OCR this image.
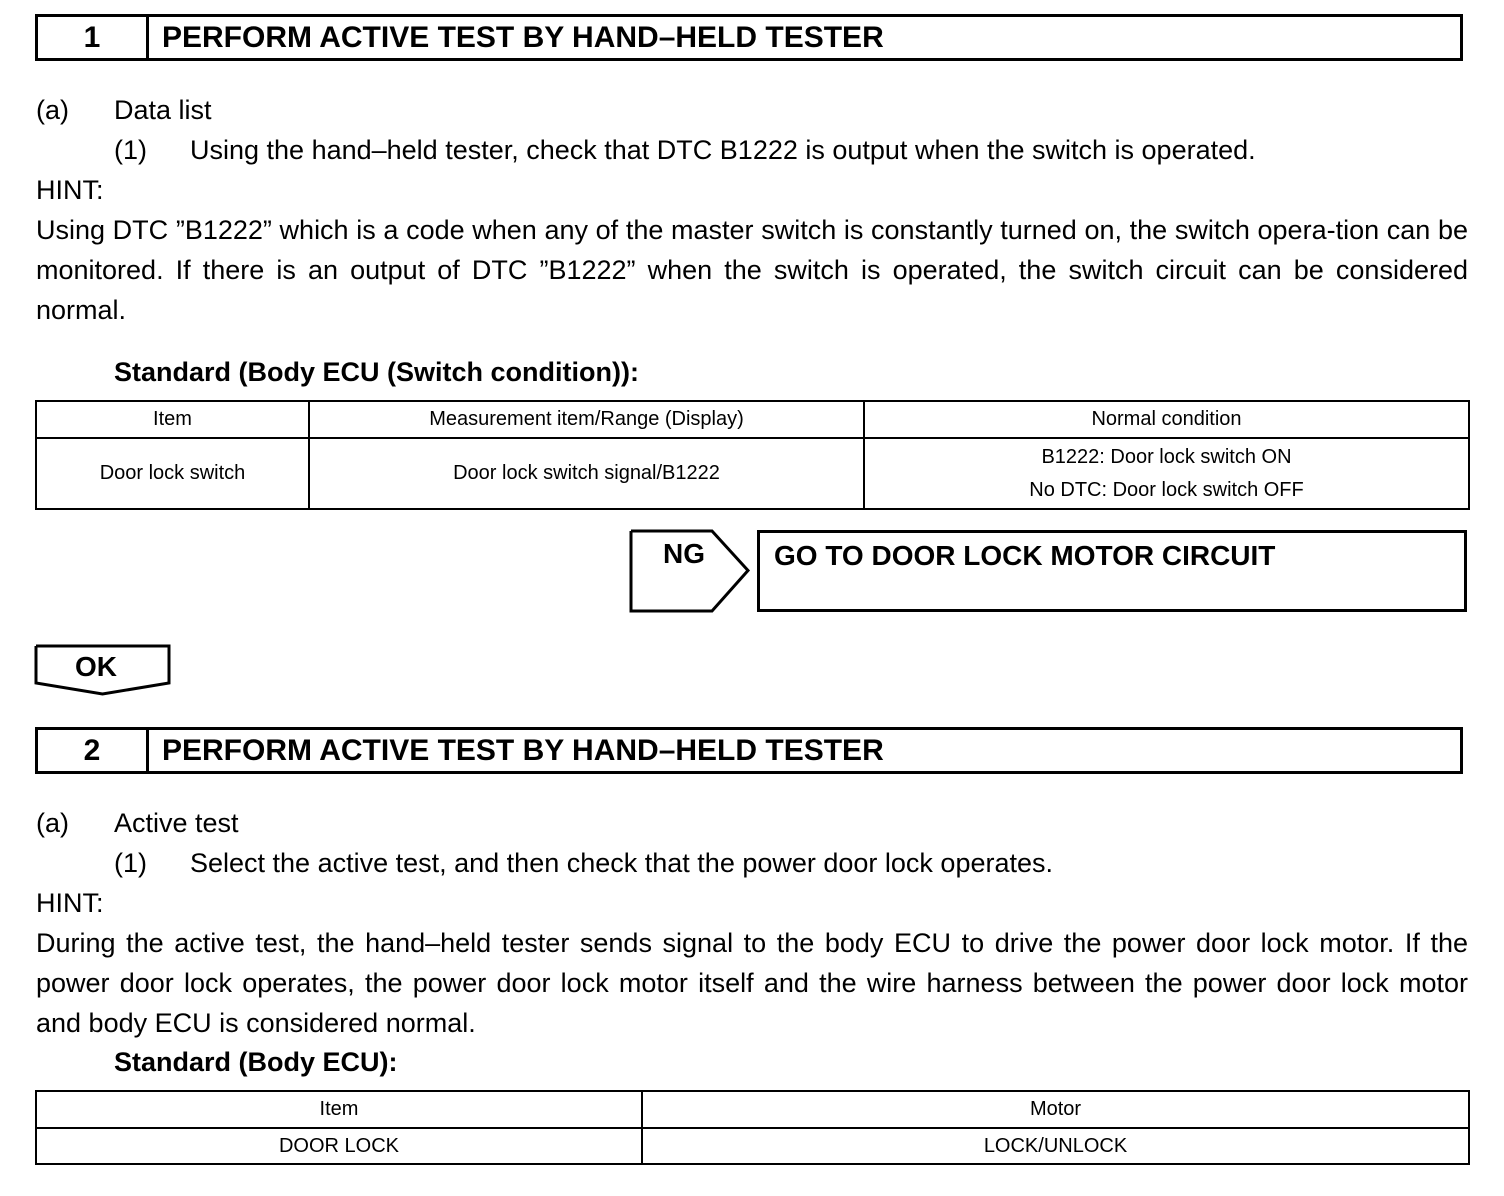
1	PERFORM ACTIVE TEST BY HAND–HELD TESTER
(a) Data list
(1) Using the hand–held tester, check that DTC B1222 is output when the switch is operated.
HINT:
Using DTC ”B1222” which is a code when any of the master switch is constantly turned on, the switch opera-tion can be monitored. If there is an output of DTC ”B1222” when the switch is operated, the switch circuit can be considered normal.
Standard (Body ECU (Switch condition)):
Item	Measurement item/Range (Display)	Normal condition
Door lock switch	Door lock switch signal/B1222	B1222: Door lock switch ON
No DTC: Door lock switch OFF
NG GO TO DOOR LOCK MOTOR CIRCUIT
OK
2	PERFORM ACTIVE TEST BY HAND–HELD TESTER
(a) Active test
(1) Select the active test, and then check that the power door lock operates.
HINT:
During the active test, the hand–held tester sends signal to the body ECU to drive the power door lock motor. If the power door lock operates, the power door lock motor itself and the wire harness between the power door lock motor and body ECU is considered normal.
Standard (Body ECU):
Item	Motor
DOOR LOCK	LOCK/UNLOCK
